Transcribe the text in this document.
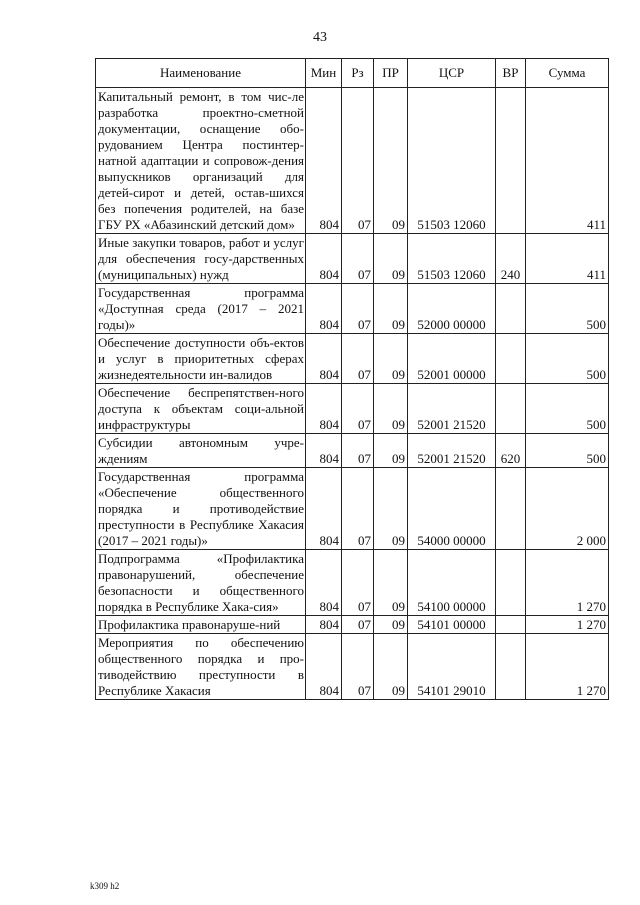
43
Наименование	Мин	Рз	ПР	ЦСР	ВР	Сумма
Капитальный ремонт, в том чис-ле разработка проектно-сметной документации, оснащение обо-рудованием Центра постинтер-натной адаптации и сопровож-дения выпускников организаций для детей-сирот и детей, остав-шихся без попечения родителей, на базе ГБУ РХ «Абазинский детский дом»	804	07	09	51503 12060		411
Иные закупки товаров, работ и услуг для обеспечения госу-дарственных (муниципальных) нужд	804	07	09	51503 12060	240	411
Государственная программа «Доступная среда (2017 – 2021 годы)»	804	07	09	52000 00000		500
Обеспечение доступности объ-ектов и услуг в приоритетных сферах жизнедеятельности ин-валидов	804	07	09	52001 00000		500
Обеспечение беспрепятствен-ного доступа к объектам соци-альной инфраструктуры	804	07	09	52001 21520		500
Субсидии автономным учре-ждениям	804	07	09	52001 21520	620	500
Государственная программа «Обеспечение общественного порядка и противодействие преступности в Республике Хакасия (2017 – 2021 годы)»	804	07	09	54000 00000		2 000
Подпрограмма «Профилактика правонарушений, обеспечение безопасности и общественного порядка в Республике Хака-сия»	804	07	09	54100 00000		1 270
Профилактика правонаруше-ний	804	07	09	54101 00000		1 270
Мероприятия по обеспечению общественного порядка и про-тиводействию преступности в Республике Хакасия	804	07	09	54101 29010		1 270
k309 h2
